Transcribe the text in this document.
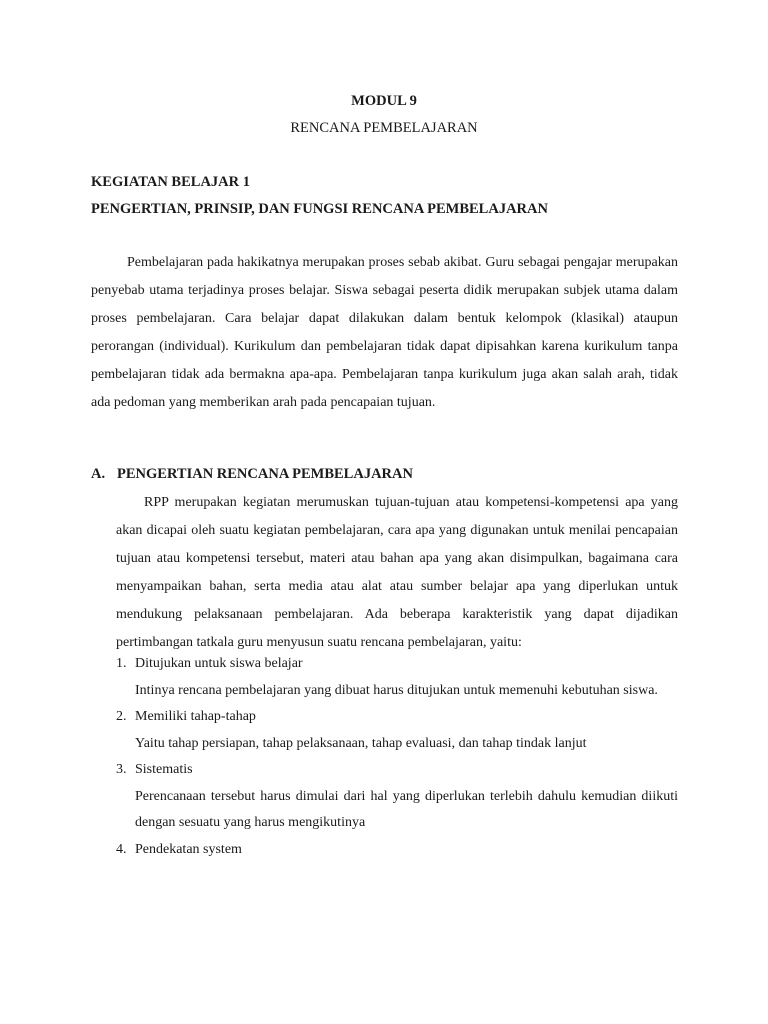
MODUL 9
RENCANA PEMBELAJARAN
KEGIATAN BELAJAR 1
PENGERTIAN, PRINSIP, DAN FUNGSI RENCANA PEMBELAJARAN

Pembelajaran pada hakikatnya merupakan proses sebab akibat. Guru sebagai pengajar merupakan penyebab utama terjadinya proses belajar. Siswa sebagai peserta didik merupakan subjek utama dalam proses pembelajaran. Cara belajar dapat dilakukan dalam bentuk kelompok (klasikal) ataupun perorangan (individual). Kurikulum dan pembelajaran tidak dapat dipisahkan karena kurikulum tanpa pembelajaran tidak ada bermakna apa-apa. Pembelajaran tanpa kurikulum juga akan salah arah, tidak ada pedoman yang memberikan arah pada pencapaian tujuan.

A. PENGERTIAN RENCANA PEMBELAJARAN

RPP merupakan kegiatan merumuskan tujuan-tujuan atau kompetensi-kompetensi apa yang akan dicapai oleh suatu kegiatan pembelajaran, cara apa yang digunakan untuk menilai pencapaian tujuan atau kompetensi tersebut, materi atau bahan apa yang akan disimpulkan, bagaimana cara menyampaikan bahan, serta media atau alat atau sumber belajar apa yang diperlukan untuk mendukung pelaksanaan pembelajaran. Ada beberapa karakteristik yang dapat dijadikan pertimbangan tatkala guru menyusun suatu rencana pembelajaran, yaitu:

1. Ditujukan untuk siswa belajar

Intinya rencana pembelajaran yang dibuat harus ditujukan untuk memenuhi kebutuhan siswa.

2. Memiliki tahap-tahap

Yaitu tahap persiapan, tahap pelaksanaan, tahap evaluasi, dan tahap tindak lanjut

3. Sistematis

Perencanaan tersebut harus dimulai dari hal yang diperlukan terlebih dahulu kemudian diikuti dengan sesuatu yang harus mengikutinya

4. Pendekatan system
